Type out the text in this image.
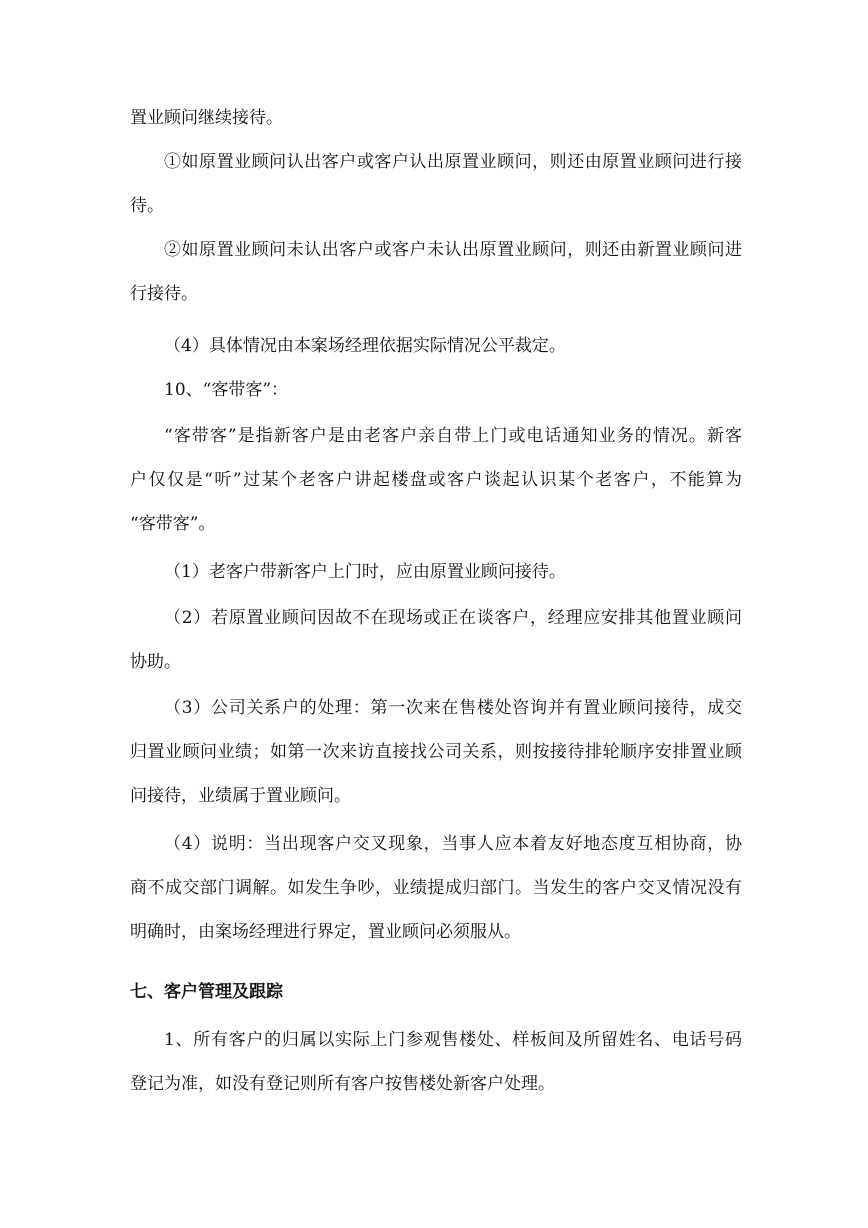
置业顾问继续接待。

①如原置业顾问认出客户或客户认出原置业顾问，则还由原置业顾问进行接
待。

②如原置业顾问未认出客户或客户未认出原置业顾问，则还由新置业顾问进
行接待。

（4）具体情况由本案场经理依据实际情况公平裁定。

10、“客带客”：

“客带客”是指新客户是由老客户亲自带上门或电话通知业务的情况。新客
户仅仅是“听”过某个老客户讲起楼盘或客户谈起认识某个老客户，不能算为
“客带客”。

（1）老客户带新客户上门时，应由原置业顾问接待。

（2）若原置业顾问因故不在现场或正在谈客户，经理应安排其他置业顾问
协助。

（3）公司关系户的处理：第一次来在售楼处咨询并有置业顾问接待，成交
归置业顾问业绩；如第一次来访直接找公司关系，则按接待排轮顺序安排置业顾
问接待，业绩属于置业顾问。

（4）说明：当出现客户交叉现象，当事人应本着友好地态度互相协商，协
商不成交部门调解。如发生争吵，业绩提成归部门。当发生的客户交叉情况没有
明确时，由案场经理进行界定，置业顾问必须服从。

七、客户管理及跟踪

1、所有客户的归属以实际上门参观售楼处、样板间及所留姓名、电话号码
登记为准，如没有登记则所有客户按售楼处新客户处理。
